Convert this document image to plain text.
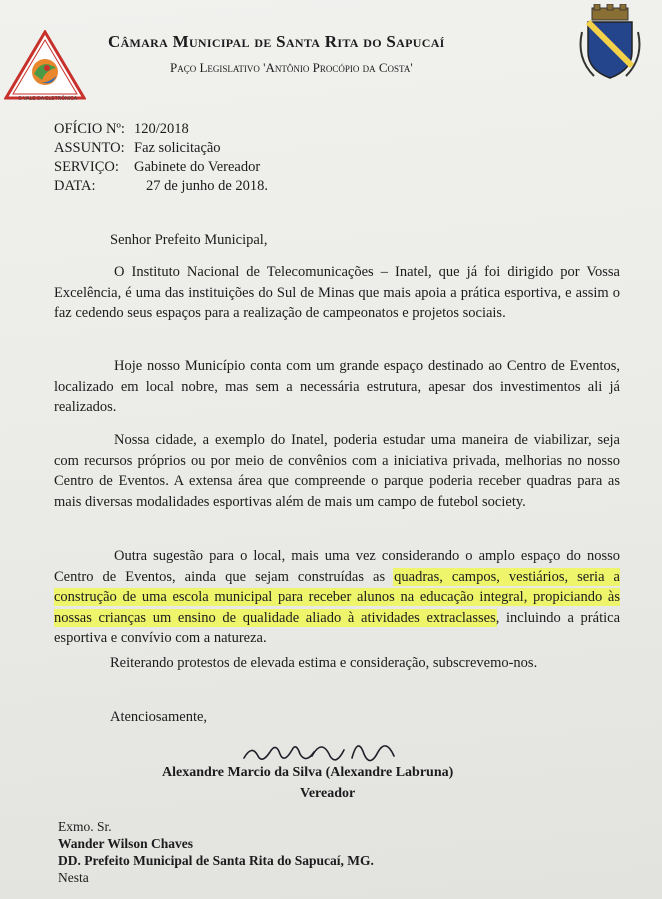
O VALE DA ELETRÔNICA
Câmara Municipal de Santa Rita do Sapucaí
Paço Legislativo 'Antônio Procópio da Costa'
OFÍCIO Nº: 120/2018
ASSUNTO: Faz solicitação
SERVIÇO: Gabinete do Vereador
DATA:	27 de junho de 2018.
Senhor Prefeito Municipal,
O Instituto Nacional de Telecomunicações – Inatel, que já foi dirigido por Vossa Excelência, é uma das instituições do Sul de Minas que mais apoia a prática esportiva, e assim o faz cedendo seus espaços para a realização de campeonatos e projetos sociais.
Hoje nosso Município conta com um grande espaço destinado ao Centro de Eventos, localizado em local nobre, mas sem a necessária estrutura, apesar dos investimentos ali já realizados.
Nossa cidade, a exemplo do Inatel, poderia estudar uma maneira de viabilizar, seja com recursos próprios ou por meio de convênios com a iniciativa privada, melhorias no nosso Centro de Eventos. A extensa área que compreende o parque poderia receber quadras para as mais diversas modalidades esportivas além de mais um campo de futebol society.
Outra sugestão para o local, mais uma vez considerando o amplo espaço do nosso Centro de Eventos, ainda que sejam construídas as quadras, campos, vestiários, seria a construção de uma escola municipal para receber alunos na educação integral, propiciando às nossas crianças um ensino de qualidade aliado à atividades extraclasses, incluindo a prática esportiva e convívio com a natureza.
Reiterando protestos de elevada estima e consideração, subscrevemo-nos.
Atenciosamente,
Alexandre Marcio da Silva (Alexandre Labruna)
Vereador
Exmo. Sr.
Wander Wilson Chaves
DD. Prefeito Municipal de Santa Rita do Sapucaí, MG.
Nesta
